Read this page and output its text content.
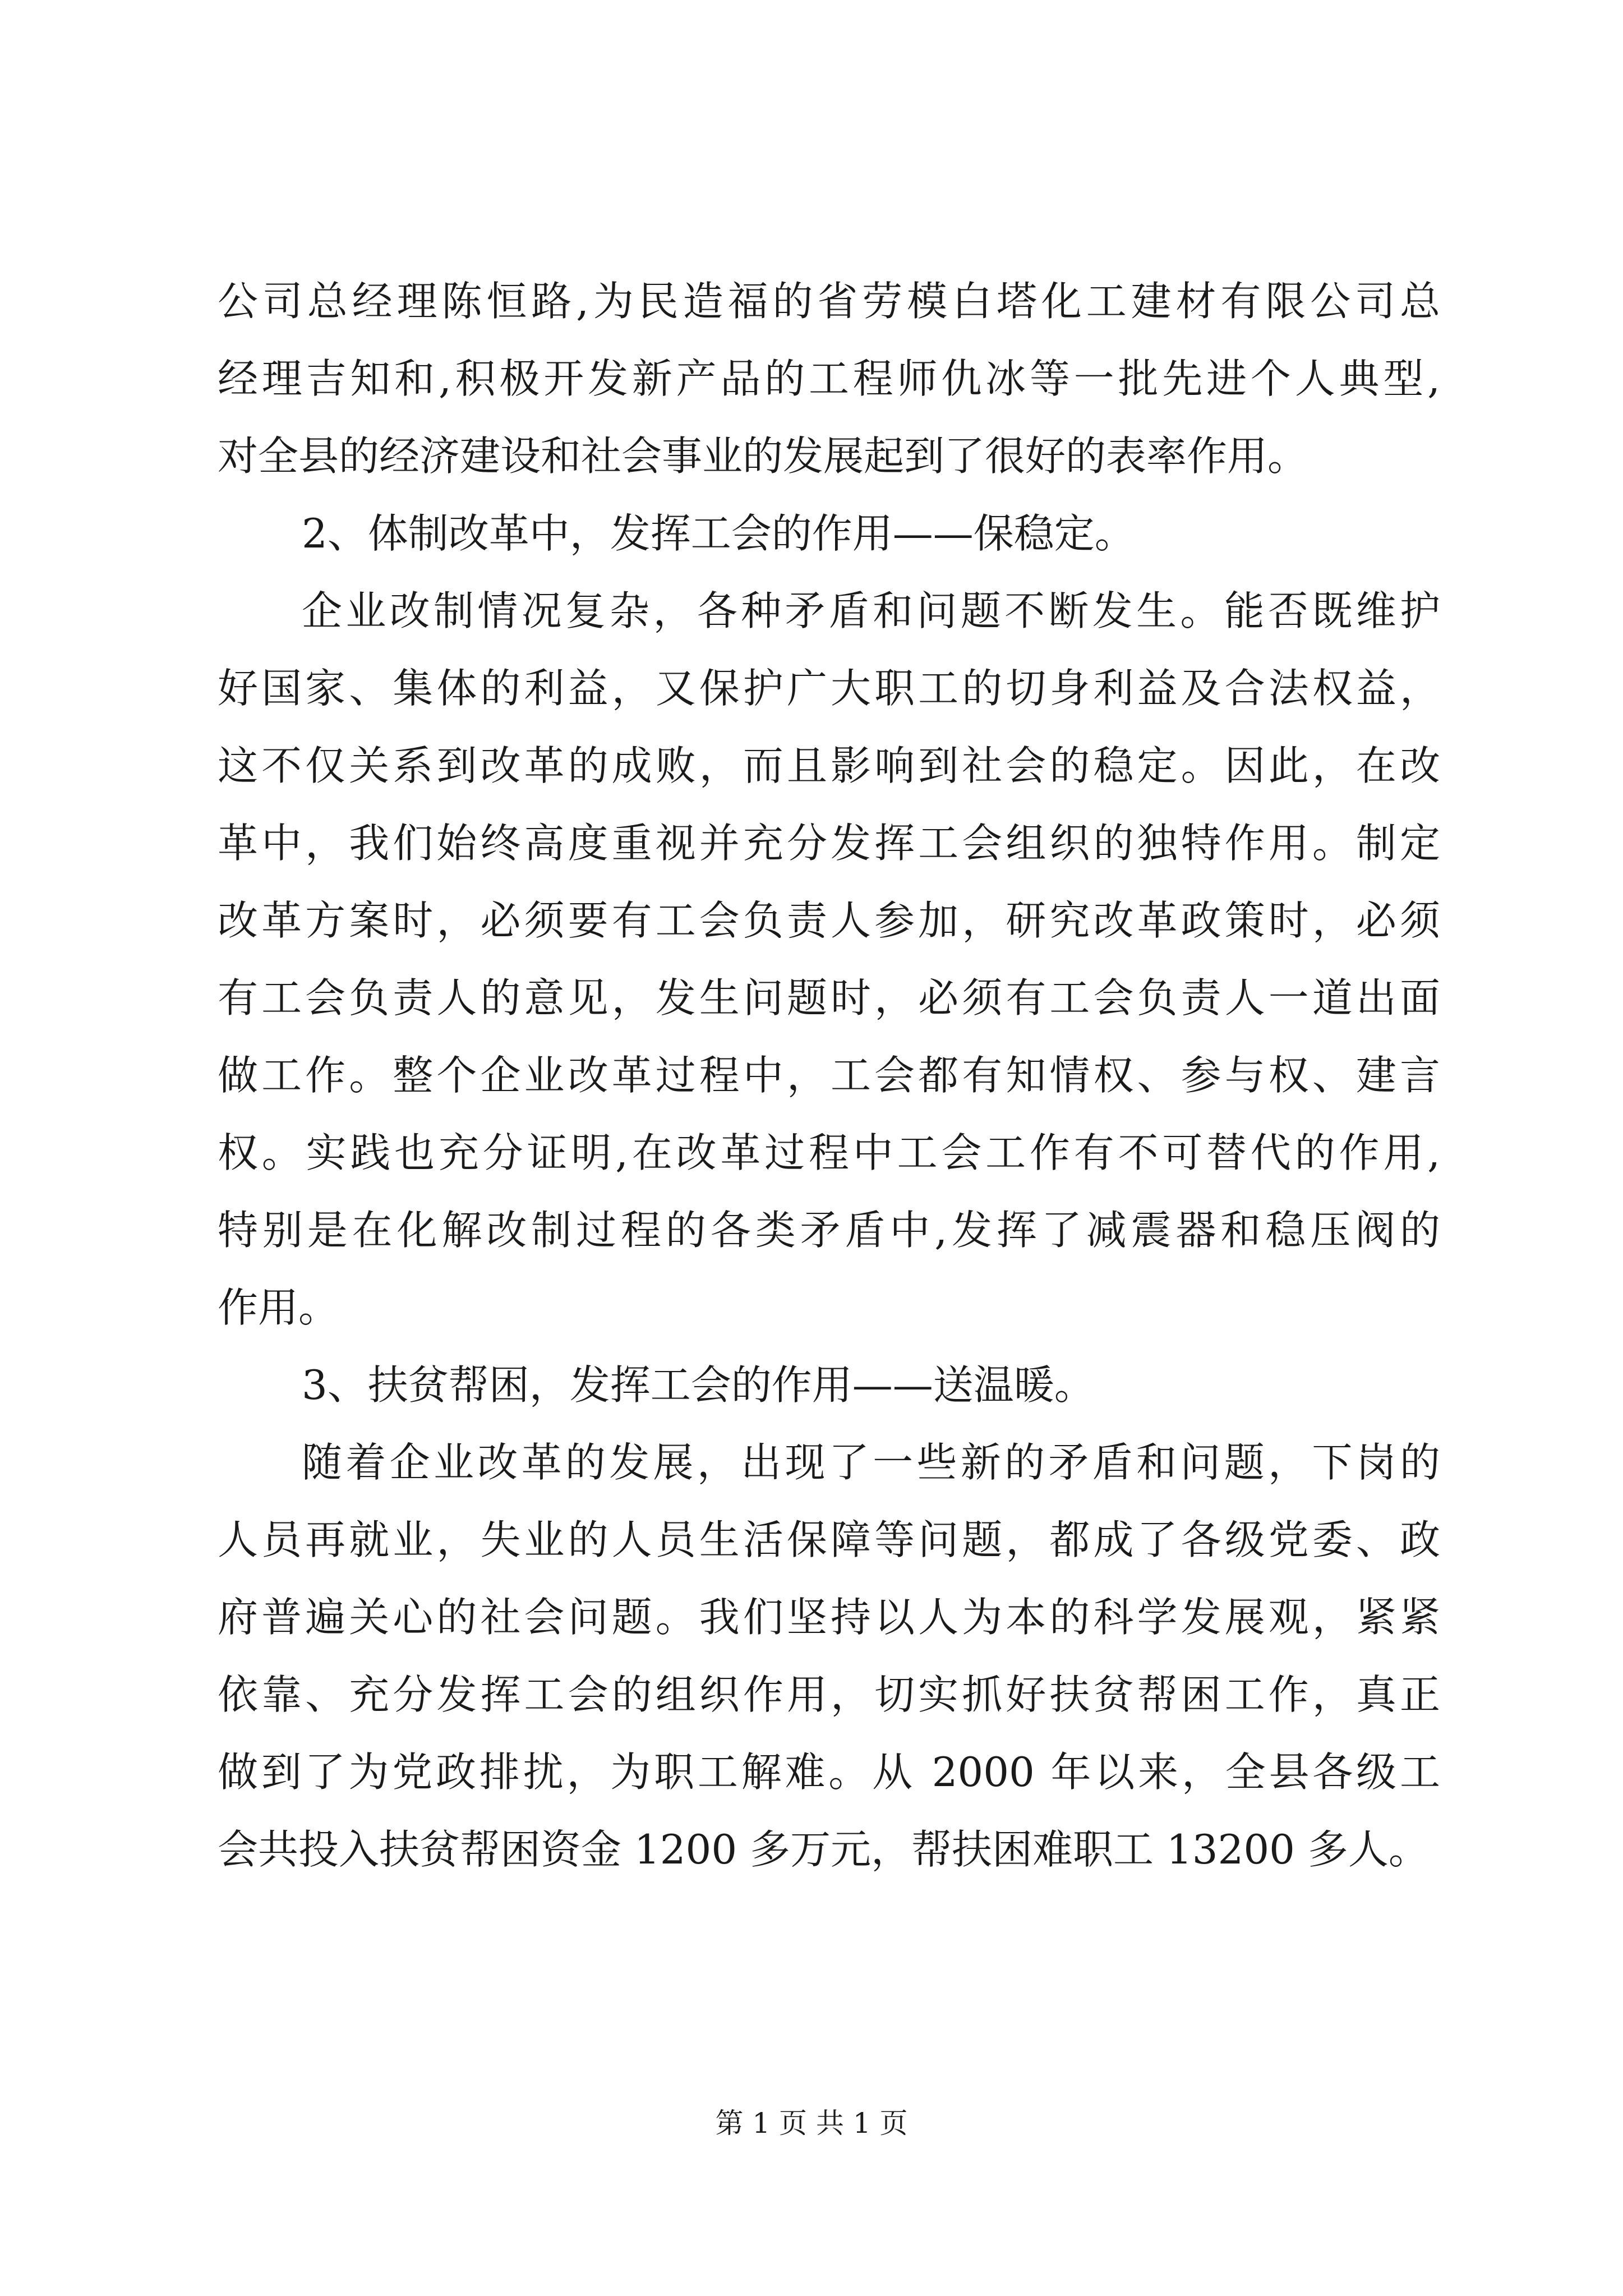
公司总经理陈恒路,为民造福的省劳模白塔化工建材有限公司总
经理吉知和,积极开发新产品的工程师仇冰等一批先进个人典型,
对全县的经济建设和社会事业的发展起到了很好的表率作用。
2、体制改革中，发挥工会的作用——保稳定。
企业改制情况复杂，各种矛盾和问题不断发生。能否既维护
好国家、集体的利益，又保护广大职工的切身利益及合法权益，
这不仅关系到改革的成败，而且影响到社会的稳定。因此，在改
革中，我们始终高度重视并充分发挥工会组织的独特作用。制定
改革方案时，必须要有工会负责人参加，研究改革政策时，必须
有工会负责人的意见，发生问题时，必须有工会负责人一道出面
做工作。整个企业改革过程中，工会都有知情权、参与权、建言
权。实践也充分证明,在改革过程中工会工作有不可替代的作用,
特别是在化解改制过程的各类矛盾中,发挥了减震器和稳压阀的
作用。
3、扶贫帮困，发挥工会的作用——送温暖。
随着企业改革的发展，出现了一些新的矛盾和问题，下岗的
人员再就业，失业的人员生活保障等问题，都成了各级党委、政
府普遍关心的社会问题。我们坚持以人为本的科学发展观，紧紧
依靠、充分发挥工会的组织作用，切实抓好扶贫帮困工作，真正
做到了为党政排扰，为职工解难。从 2000 年以来，全县各级工
会共投入扶贫帮困资金 1200 多万元，帮扶困难职工 13200 多人。
第 1 页 共 1 页
